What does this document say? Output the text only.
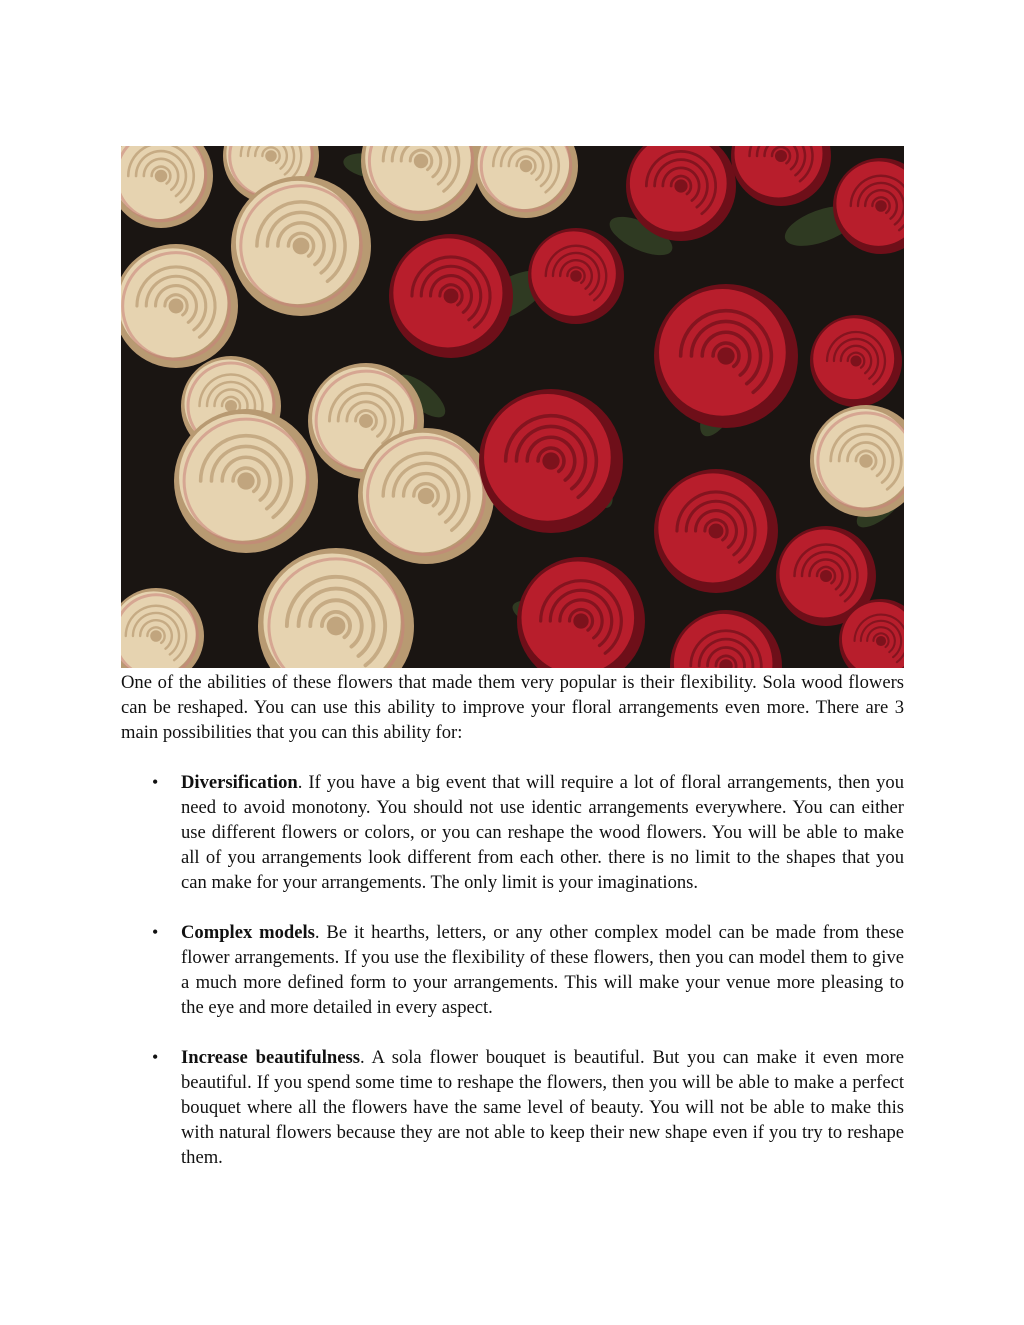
One of the abilities of these flowers that made them very popular is their flexibility. Sola wood flowers can be reshaped. You can use this ability to improve your floral arrangements even more. There are 3 main possibilities that you can this ability for:

• Diversification. If you have a big event that will require a lot of floral arrangements, then you need to avoid monotony. You should not use identic arrangements everywhere. You can either use different flowers or colors, or you can reshape the wood flowers. You will be able to make all of you arrangements look different from each other. there is no limit to the shapes that you can make for your arrangements. The only limit is your imaginations.
• Complex models. Be it hearths, letters, or any other complex model can be made from these flower arrangements. If you use the flexibility of these flowers, then you can model them to give a much more defined form to your arrangements. This will make your venue more pleasing to the eye and more detailed in every aspect.
• Increase beautifulness. A sola flower bouquet is beautiful. But you can make it even more beautiful. If you spend some time to reshape the flowers, then you will be able to make a perfect bouquet where all the flowers have the same level of beauty. You will not be able to make this with natural flowers because they are not able to keep their new shape even if you try to reshape them.
